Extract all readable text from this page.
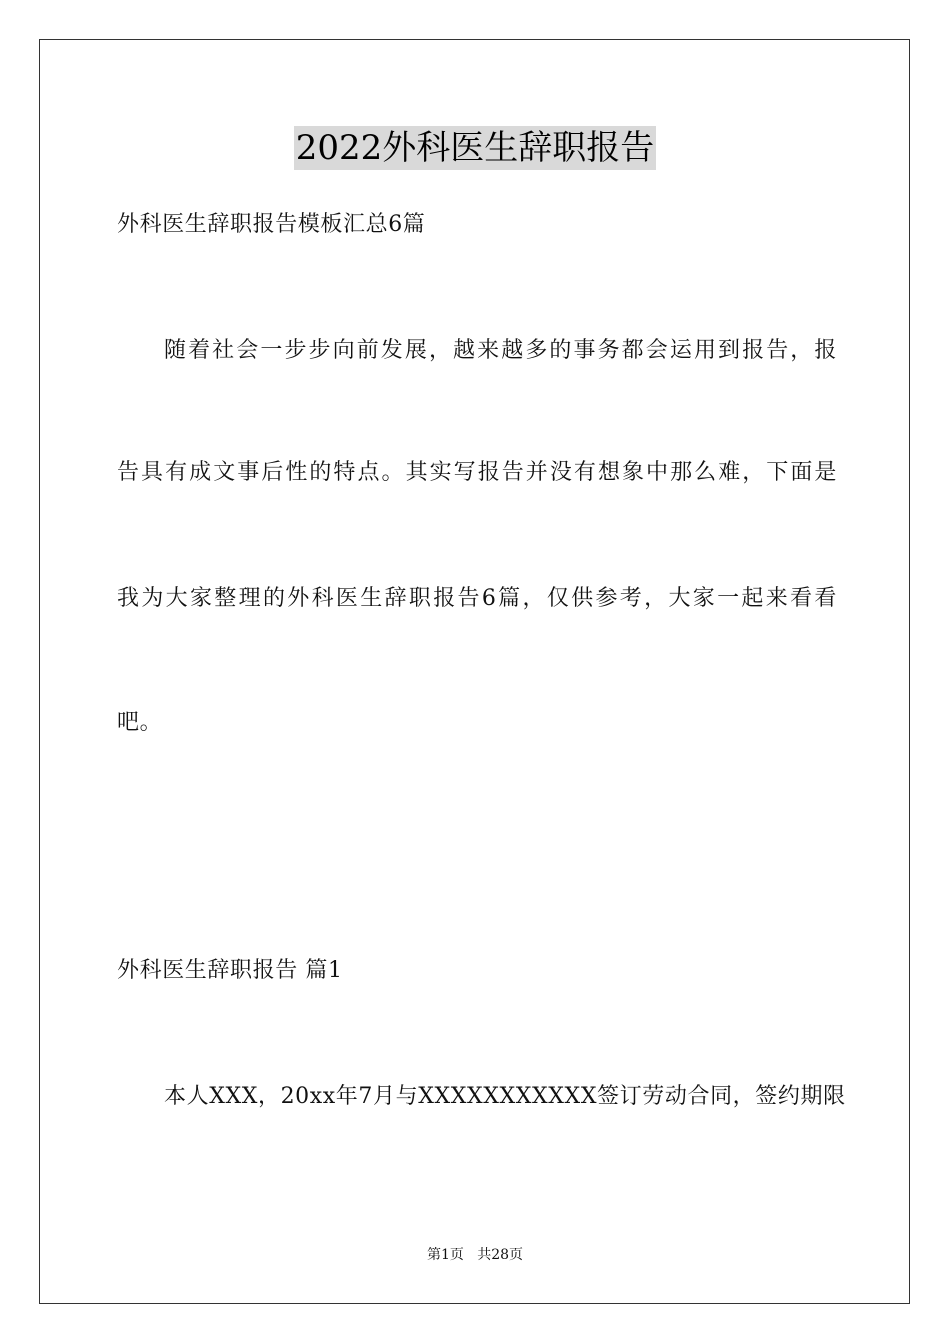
2022外科医生辞职报告
外科医生辞职报告模板汇总6篇
随着社会一步步向前发展，越来越多的事务都会运用到报告，报
告具有成文事后性的特点。其实写报告并没有想象中那么难，下面是
我为大家整理的外科医生辞职报告6篇，仅供参考，大家一起来看看
吧。
外科医生辞职报告 篇1
本人XXX，20xx年7月与XXXXXXXXXXX签订劳动合同，签约期限
第1页   共28页
